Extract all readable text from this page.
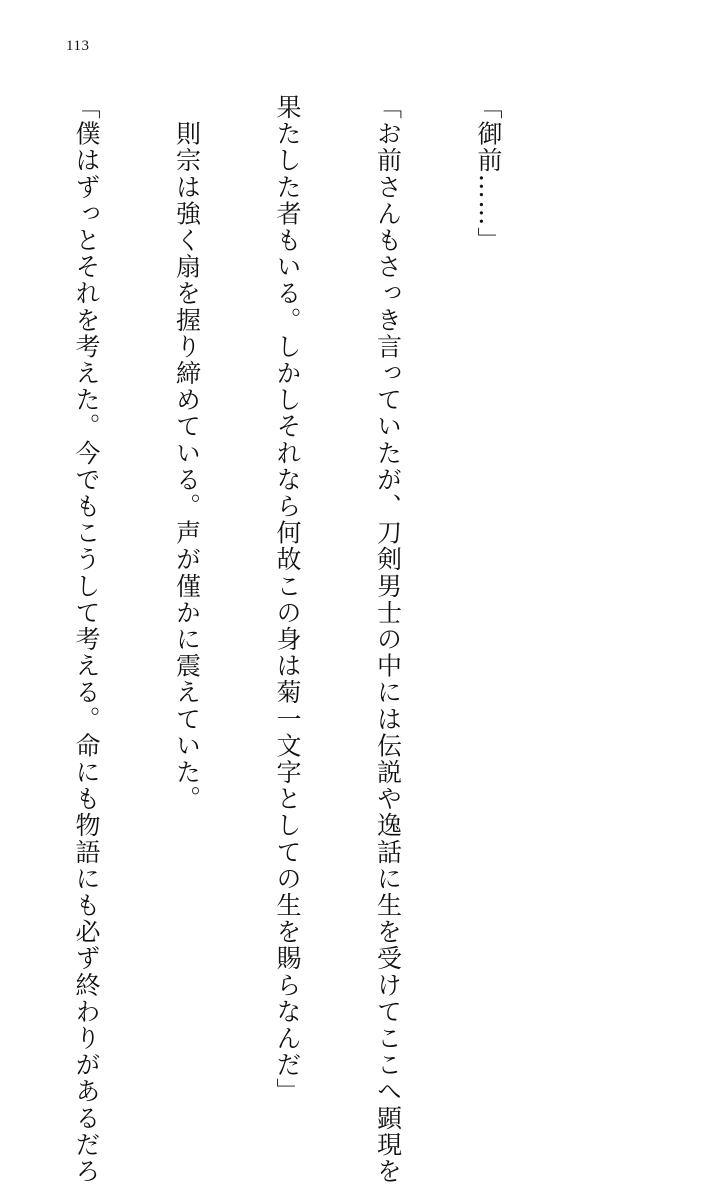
113

「御前……」

「お前さんもさっき言っていたが、刀剣男士の中には伝説や逸話に生を受けてここへ顕現を

果たした者もいる。しかしそれなら何故この身は菊一文字としての生を賜らなんだ」

　則宗は強く扇を握り締めている。声が僅かに震えていた。

「僕はずっとそれを考えた。今でもこうして考える。命にも物語にも必ず終わりがあるだろ
